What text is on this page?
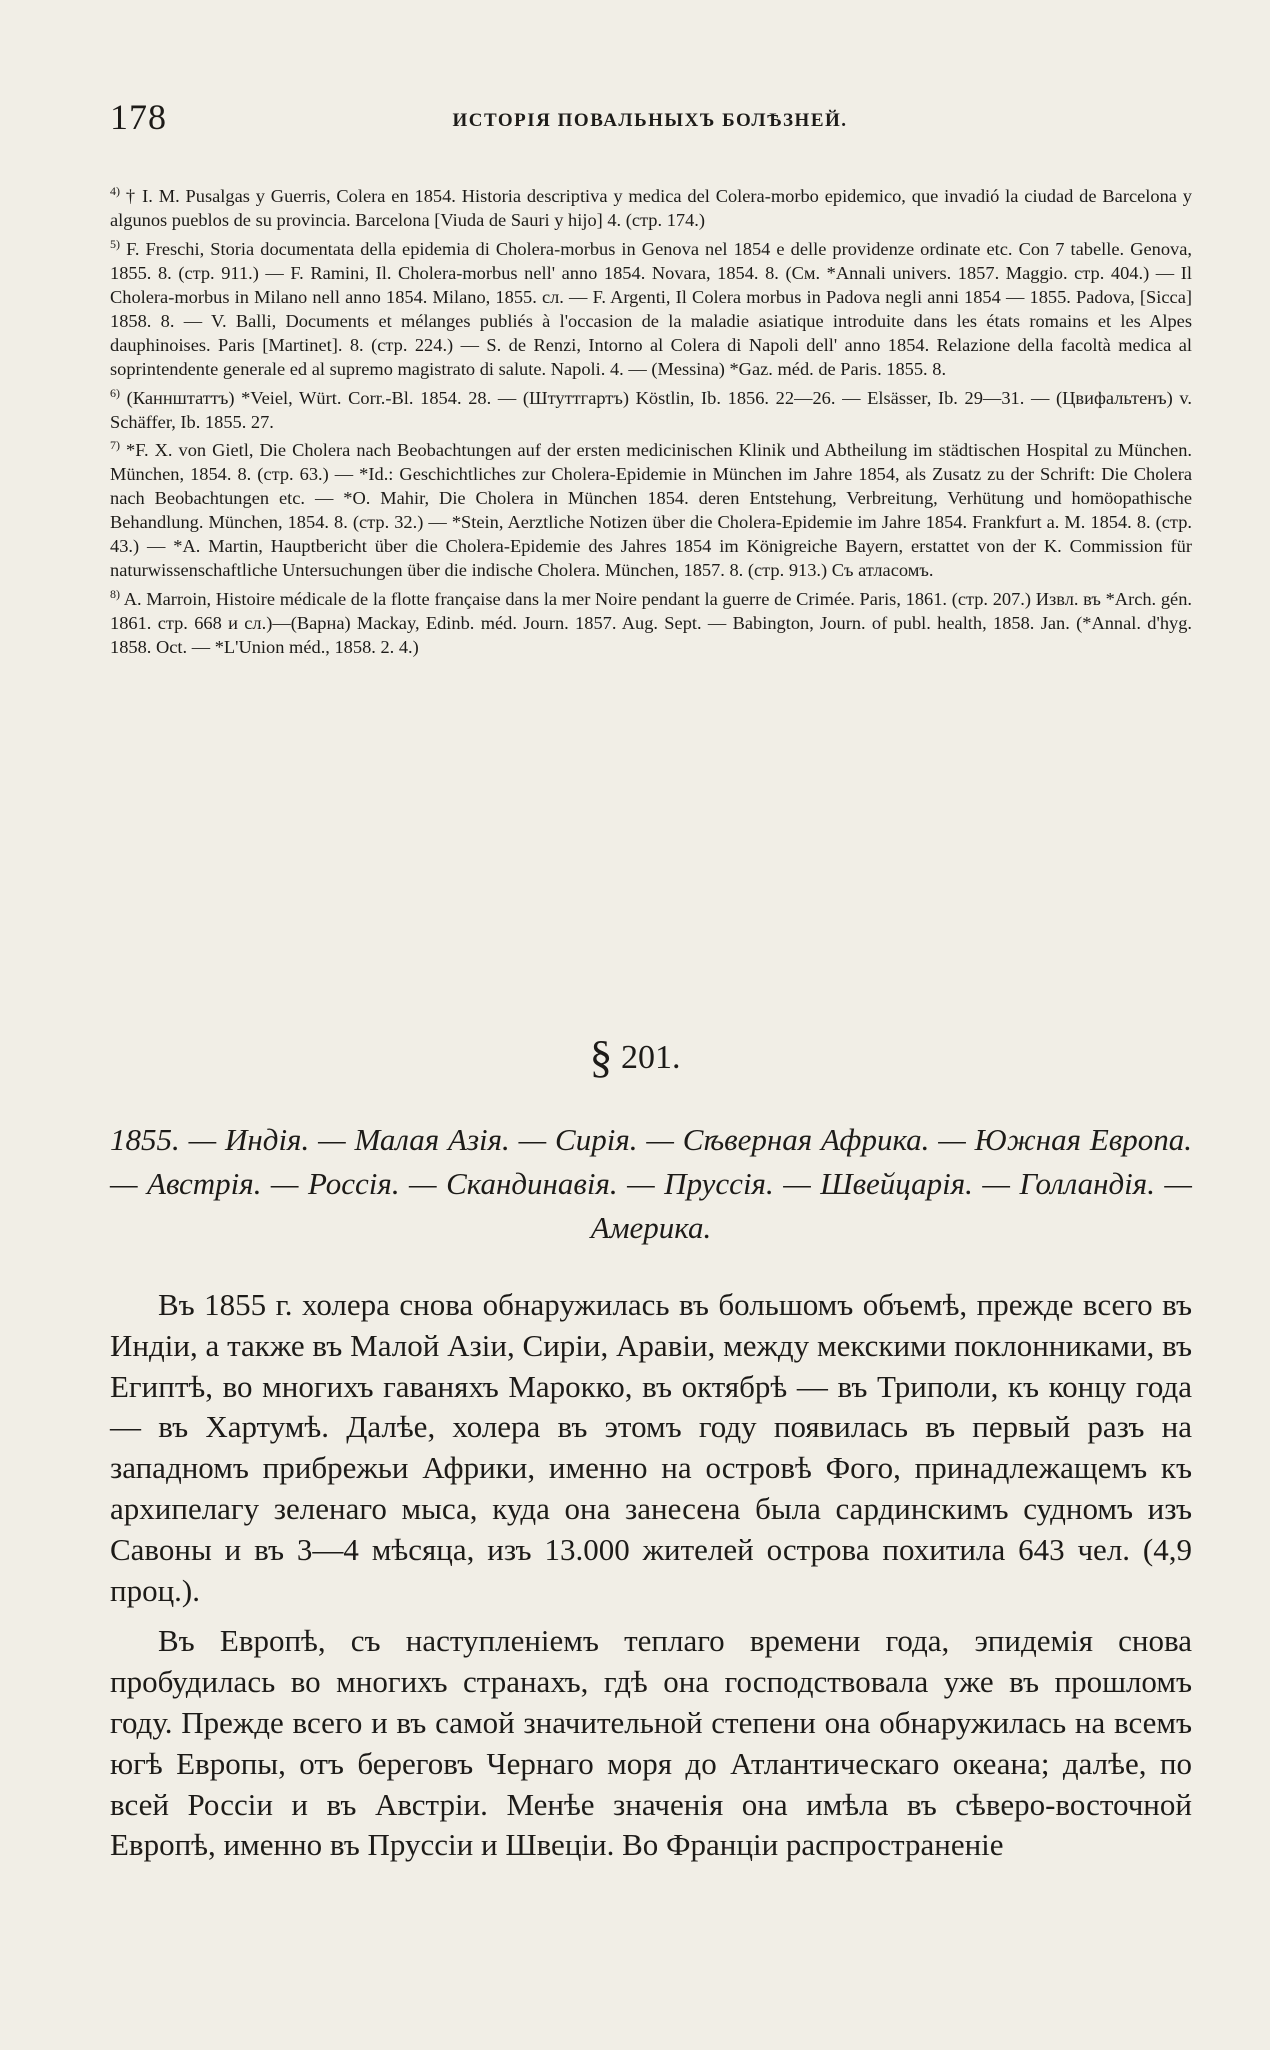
178	ИСТОРІЯ ПОВАЛЬНЫХЪ БОЛѢЗНЕЙ.

$^{4)}$ † I. M. Pusalgas y Guerris, Colera en 1854. Historia descriptiva y medica del Colera-morbo epidemico, que invadió la ciudad de Barcelona y algunos pueblos de su provincia. Barcelona [Viuda de Sauri y hijo] 4. (стр. 174.)

$^{5)}$ F. Freschi, Storia documentata della epidemia di Cholera-morbus in Genova nel 1854 e delle providenze ordinate etc. Con 7 tabelle. Genova, 1855. 8. (стр. 911.) — F. Ramini, Il. Cholera-morbus nell' anno 1854. Novara, 1854. 8. (См. *Annali univers. 1857. Maggio. стр. 404.) — Il Cholera-morbus in Milano nell anno 1854. Milano, 1855. сл. — F. Argenti, Il Colera morbus in Padova negli anni 1854 — 1855. Padova, [Sicca] 1858. 8. — V. Balli, Documents et mélanges publiés à l'occasion de la maladie asiatique introduite dans les états romains et les Alpes dauphinoises. Paris [Martinet]. 8. (стр. 224.) — S. de Renzi, Intorno al Colera di Napoli dell' anno 1854. Relazione della facoltà medica al soprintendente generale ed al supremo magistrato di salute. Napoli. 4. — (Messina) *Gaz. méd. de Paris. 1855. 8.

$^{6)}$ (Каннштаттъ) *Veiel, Würt. Corr.-Bl. 1854. 28. — (Штуттгартъ) Köstlin, Ib. 1856. 22—26. — Elsässer, Ib. 29—31. — (Цвифальтенъ) v. Schäffer, Ib. 1855. 27.

$^{7)}$ *F. X. von Gietl, Die Cholera nach Beobachtungen auf der ersten medicinischen Klinik und Abtheilung im städtischen Hospital zu München. München, 1854. 8. (стр. 63.) — *Id.: Geschichtliches zur Cholera-Epidemie in München im Jahre 1854, als Zusatz zu der Schrift: Die Cholera nach Beobachtungen etc. — *O. Mahir, Die Cholera in München 1854. deren Entstehung, Verbreitung, Verhütung und homöopathische Behandlung. München, 1854. 8. (стр. 32.) — *Stein, Aerztliche Notizen über die Cholera-Epidemie im Jahre 1854. Frankfurt a. M. 1854. 8. (стр. 43.) — *A. Martin, Hauptbericht über die Cholera-Epidemie des Jahres 1854 im Königreiche Bayern, erstattet von der K. Commission für naturwissenschaftliche Untersuchungen über die indische Cholera. München, 1857. 8. (стр. 913.) Съ атласомъ.

$^{8)}$ A. Marroin, Histoire médicale de la flotte française dans la mer Noire pendant la guerre de Crimée. Paris, 1861. (стр. 207.) Извл. въ *Arch. gén. 1861. стр. 668 и сл.)—(Варна) Mackay, Edinb. méd. Journ. 1857. Aug. Sept. — Babington, Journ. of publ. health, 1858. Jan. (*Annal. d'hyg. 1858. Oct. — *L'Union méd., 1858. 2. 4.)

§ 201.
1855. — Индія. — Малая Азія. — Сирія. — Сѣверная Африка. — Южная Европа. — Австрія. — Россія. — Скандинавія. — Пруссія. — Швейцарія. — Голландія. — Америка.

Въ 1855 г. холера снова обнаружилась въ большомъ объемѣ, прежде всего въ Индіи, а также въ Малой Азіи, Сиріи, Аравіи, между мекскими поклонниками, въ Египтѣ, во многихъ гаваняхъ Марокко, въ октябрѣ — въ Триполи, къ концу года — въ Хартумѣ. Далѣе, холера въ этомъ году появилась въ первый разъ на западномъ прибрежьи Африки, именно на островѣ Фого, принадлежащемъ къ архипелагу зеленаго мыса, куда она занесена была сардинскимъ судномъ изъ Савоны и въ 3—4 мѣсяца, изъ 13.000 жителей острова похитила 643 чел. (4,9 проц.).

Въ Европѣ, съ наступленіемъ теплаго времени года, эпидемія снова пробудилась во многихъ странахъ, гдѣ она господствовала уже въ прошломъ году. Прежде всего и въ самой значительной степени она обнаружилась на всемъ югѣ Европы, отъ береговъ Чернаго моря до Атлантическаго океана; далѣе, по всей Россіи и въ Австріи. Менѣе значенія она имѣла въ сѣверо-восточной Европѣ, именно въ Пруссіи и Швеціи. Во Франціи распространеніе
